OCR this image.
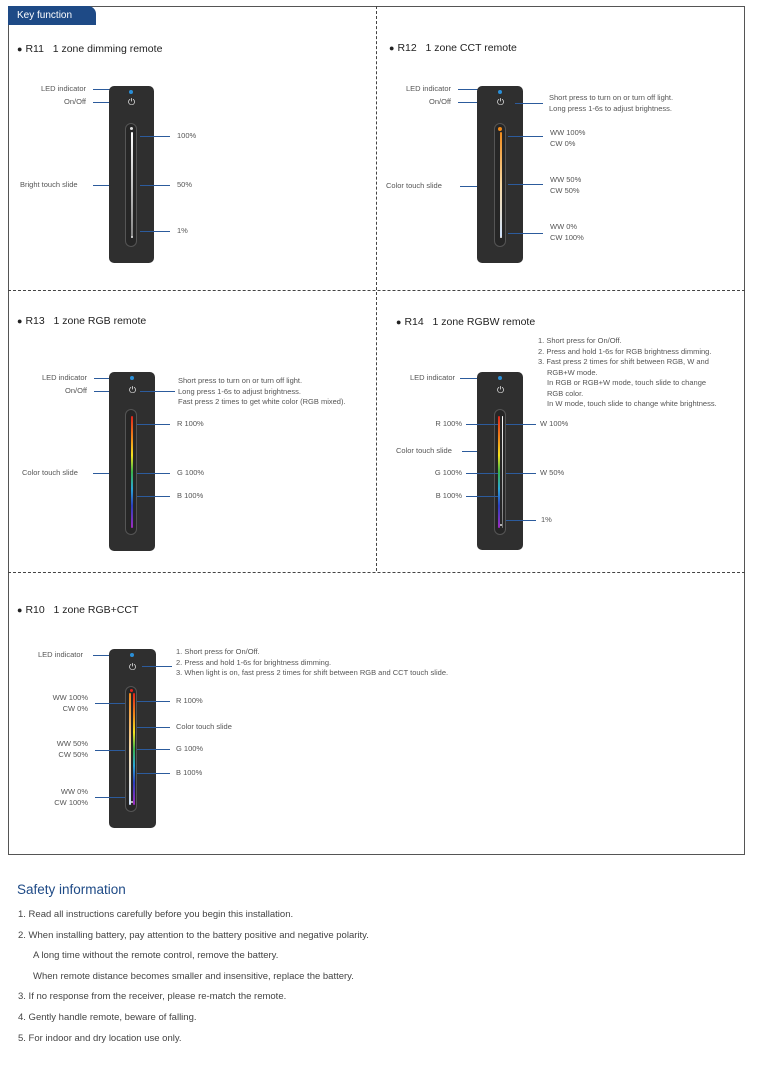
Key function
● R11 1 zone dimming remote
LED indicator
On/Off
Bright touch slide
⏻
100%
50%
1%
● R12 1 zone CCT remote
LED indicator
On/Off
Color touch slide
⏻	Short press to turn on or turn off light.
Long press 1-6s to adjust brightness.
WW 100%
CW 0%
WW 50%
CW 50%
WW 0%
CW 100%
● R13 1 zone RGB remote
LED indicator
On/Off
Color touch slide
⏻
Short press to turn on or turn off light.
Long press 1-6s to adjust brightness.
Fast press 2 times to get white color (RGB mixed).
R 100%
G 100%
B 100%
● R14 1 zone RGBW remote
1. Short press for On/Off.
2. Press and hold 1-6s for RGB brightness dimming.
3. Fast press 2 times for shift between RGB, W and
RGB+W mode.
In RGB or RGB+W mode, touch slide to change
RGB color.
In W mode, touch slide to change white brightness.
LED indicator
Color touch slide
⏻
R 100%
G 100%
B 100%
W 100%
W 50%
1%
● R10 1 zone RGB+CCT
LED indicator
⏻
1. Short press for On/Off.
2. Press and hold 1-6s for brightness dimming.
3. When light is on, fast press 2 times for shift between RGB and CCT touch slide.
WW 100%
CW 0%
WW 50%
CW 50%
WW 0%
CW 100%
R 100%
Color touch slide
G 100%
B 100%
Safety information
1. Read all instructions carefully before you begin this installation.
2. When installing battery, pay attention to the battery positive and negative polarity.
A long time without the remote control, remove the battery.
When remote distance becomes smaller and insensitive, replace the battery.
3. If no response from the receiver, please re-match the remote.
4. Gently handle remote, beware of falling.
5. For indoor and dry location use only.
